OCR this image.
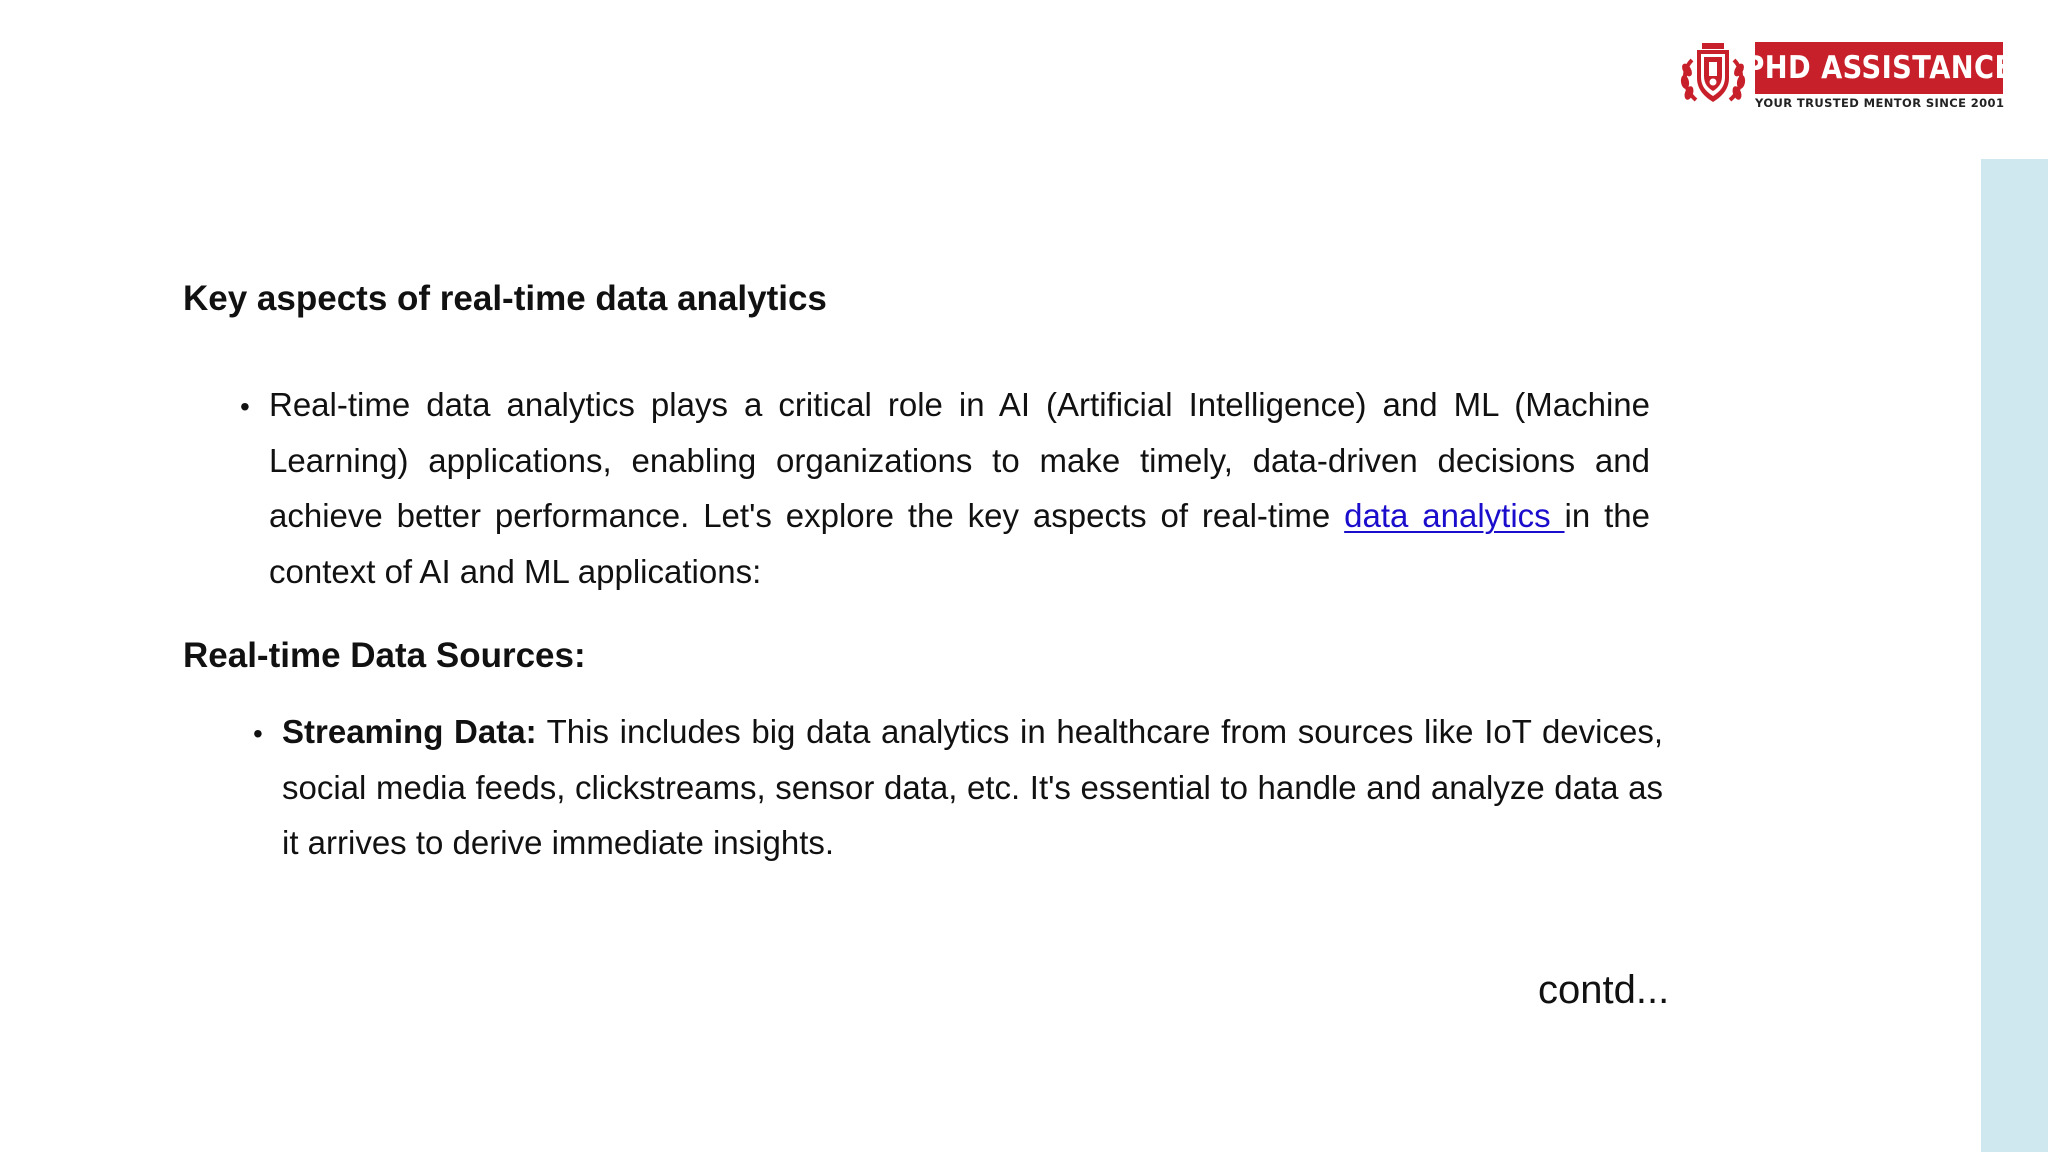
PHD ASSISTANCE
YOUR TRUSTED MENTOR SINCE 2001
Key aspects of real-time data analytics
• Real-time data analytics plays a critical role in AI (Artificial Intelligence) and ML (Machine Learning) applications, enabling organizations to make timely, data-driven decisions and achieve better performance. Let's explore the key aspects of real-time data analytics in the context of AI and ML applications:
Real-time Data Sources:
• Streaming Data: This includes big data analytics in healthcare from sources like IoT devices, social media feeds, clickstreams, sensor data, etc. It's essential to handle and analyze data as it arrives to derive immediate insights.
contd...
